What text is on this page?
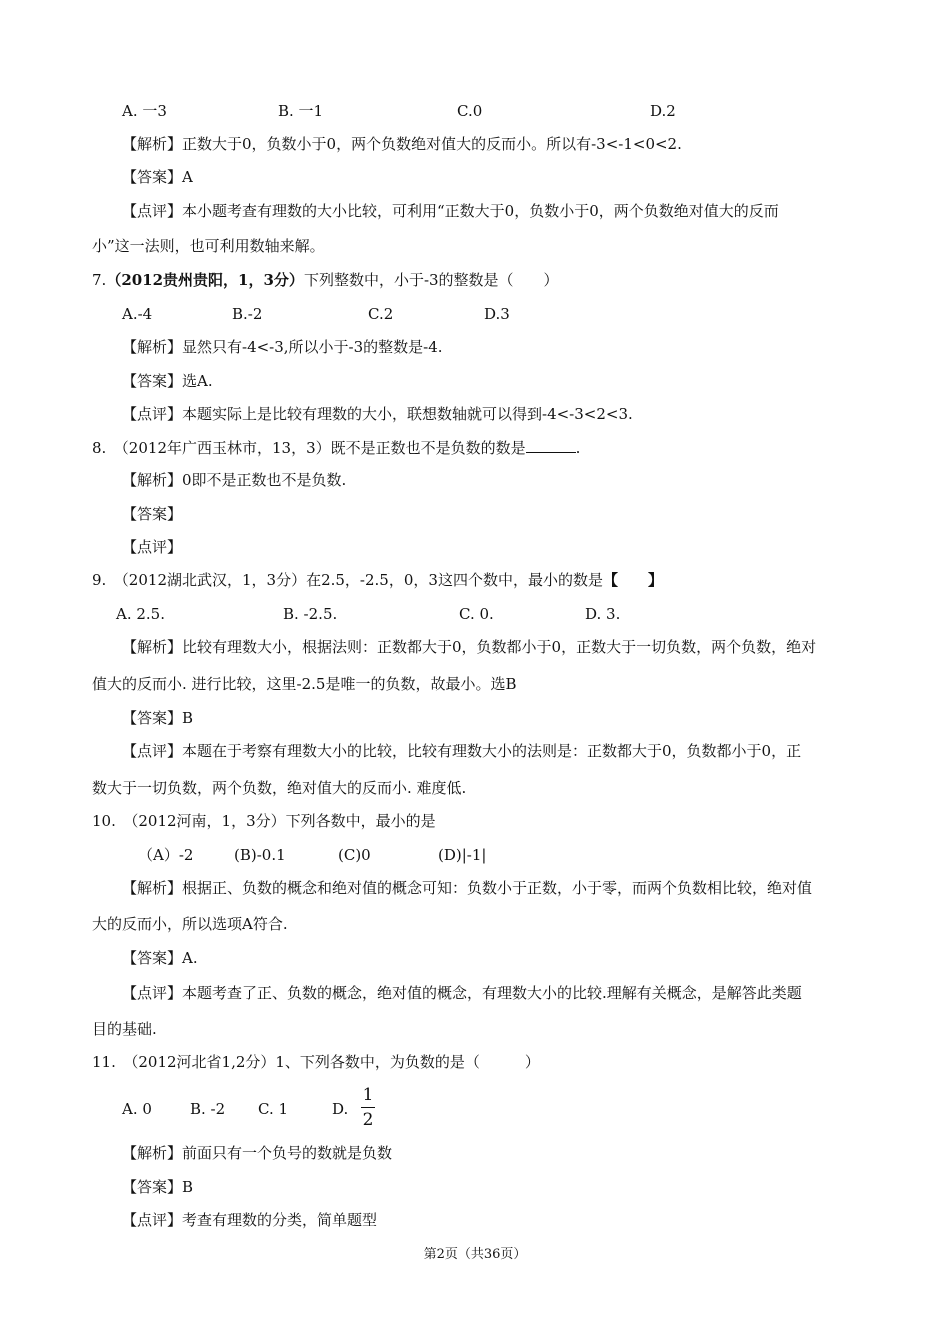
A. 一3	B. 一1	C.0	D.2
【解析】正数大于0，负数小于0，两个负数绝对值大的反而小。所以有-3<-1<0<2.
【答案】A
【点评】本小题考查有理数的大小比较，可利用“正数大于0，负数小于0，两个负数绝对值大的反而
小”这一法则，也可利用数轴来解。
7.（2012贵州贵阳，1，3分）下列整数中，小于-3的整数是（　　）
A.-4	B.-2	C.2	D.3
【解析】显然只有-4<-3,所以小于-3的整数是-4.
【答案】选A.
【点评】本题实际上是比较有理数的大小，联想数轴就可以得到-4<-3<2<3.
8.　（2012年广西玉林市，13，3）既不是正数也不是负数的数是	.
【解析】0即不是正数也不是负数.
【答案】
【点评】
9.　（2012湖北武汉，1，3分）在2.5，-2.5，0，3这四个数中，最小的数是【　　】
A. 2.5.	B. -2.5.	C. 0.	D. 3.
【解析】比较有理数大小，根据法则：正数都大于0，负数都小于0，正数大于一切负数，两个负数，绝对
值大的反而小. 进行比较，这里-2.5是唯一的负数，故最小。选B
【答案】B
【点评】本题在于考察有理数大小的比较，比较有理数大小的法则是：正数都大于0，负数都小于0，正
数大于一切负数，两个负数，绝对值大的反而小. 难度低.
10.　（2012河南，1，3分）下列各数中，最小的是
（A）-2	(B)-0.1	(C)0	(D)|-1|
【解析】根据正、负数的概念和绝对值的概念可知：负数小于正数，小于零，而两个负数相比较，绝对值
大的反而小，所以选项A符合.
【答案】A.
【点评】本题考查了正、负数的概念，绝对值的概念，有理数大小的比较.理解有关概念，是解答此类题
目的基础.
11.　（2012河北省1,2分）1、下列各数中，为负数的是（　　　）
A. 0	B. -2 C. 1	D.
1
2
【解析】前面只有一个负号的数就是负数
【答案】B
【点评】考查有理数的分类，简单题型
第2页（共36页）
